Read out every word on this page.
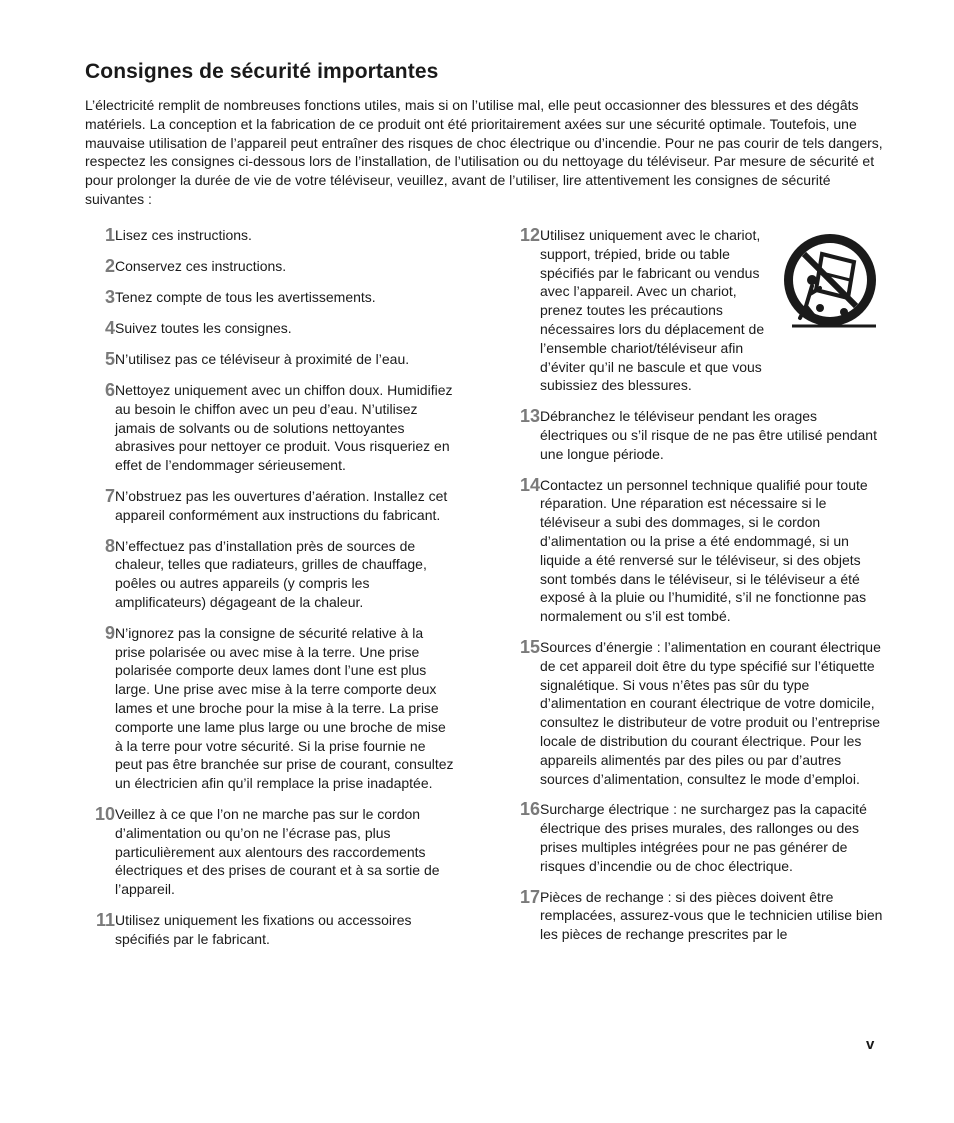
Consignes de sécurité importantes

L’électricité remplit de nombreuses fonctions utiles, mais si on l’utilise mal, elle peut occasionner des blessures et des dégâts matériels. La conception et la fabrication de ce produit ont été prioritairement axées sur une sécurité optimale. Toutefois, une mauvaise utilisation de l’appareil peut entraîner des risques de choc électrique ou d’incendie. Pour ne pas courir de tels dangers, respectez les consignes ci-dessous lors de l’installation, de l’utilisation ou du nettoyage du téléviseur. Par mesure de sécurité et pour prolonger la durée de vie de votre téléviseur, veuillez, avant de l’utiliser, lire attentivement les consignes de sécurité suivantes :

1 Lisez ces instructions.
2 Conservez ces instructions.
3 Tenez compte de tous les avertissements.
4 Suivez toutes les consignes.
5 N’utilisez pas ce téléviseur à proximité de l’eau.
6 Nettoyez uniquement avec un chiffon doux. Humidifiez au besoin le chiffon avec un peu d’eau. N’utilisez jamais de solvants ou de solutions nettoyantes abrasives pour nettoyer ce produit. Vous risqueriez en effet de l’endommager sérieusement.
7 N’obstruez pas les ouvertures d’aération. Installez cet appareil conformément aux instructions du fabricant.
8 N’effectuez pas d’installation près de sources de chaleur, telles que radiateurs, grilles de chauffage, poêles ou autres appareils (y compris les amplificateurs) dégageant de la chaleur.
9 N’ignorez pas la consigne de sécurité relative à la prise polarisée ou avec mise à la terre. Une prise polarisée comporte deux lames dont l’une est plus large. Une prise avec mise à la terre comporte deux lames et une broche pour la mise à la terre. La prise comporte une lame plus large ou une broche de mise à la terre pour votre sécurité. Si la prise fournie ne peut pas être branchée sur prise de courant, consultez un électricien afin qu’il remplace la prise inadaptée.
10 Veillez à ce que l’on ne marche pas sur le cordon d’alimentation ou qu’on ne l’écrase pas, plus particulièrement aux alentours des raccordements électriques et des prises de courant et à sa sortie de l’appareil.
11 Utilisez uniquement les fixations ou accessoires spécifiés par le fabricant.
12 Utilisez uniquement avec le chariot, support, trépied, bride ou table spécifiés par le fabricant ou vendus avec l’appareil. Avec un chariot, prenez toutes les précautions nécessaires lors du déplacement de l’ensemble chariot/téléviseur afin d’éviter qu’il ne bascule et que vous subissiez des blessures.
13 Débranchez le téléviseur pendant les orages électriques ou s’il risque de ne pas être utilisé pendant une longue période.
14 Contactez un personnel technique qualifié pour toute réparation. Une réparation est nécessaire si le téléviseur a subi des dommages, si le cordon d’alimentation ou la prise a été endommagé, si un liquide a été renversé sur le téléviseur, si des objets sont tombés dans le téléviseur, si le téléviseur a été exposé à la pluie ou l’humidité, s’il ne fonctionne pas normalement ou s’il est tombé.
15 Sources d’énergie : l’alimentation en courant électrique de cet appareil doit être du type spécifié sur l’étiquette signalétique. Si vous n’êtes pas sûr du type d’alimentation en courant électrique de votre domicile, consultez le distributeur de votre produit ou l’entreprise locale de distribution du courant électrique. Pour les appareils alimentés par des piles ou par d’autres sources d’alimentation, consultez le mode d’emploi.
16 Surcharge électrique : ne surchargez pas la capacité électrique des prises murales, des rallonges ou des prises multiples intégrées pour ne pas générer de risques d’incendie ou de choc électrique.
17 Pièces de rechange : si des pièces doivent être remplacées, assurez-vous que le technicien utilise bien les pièces de rechange prescrites par le
v
